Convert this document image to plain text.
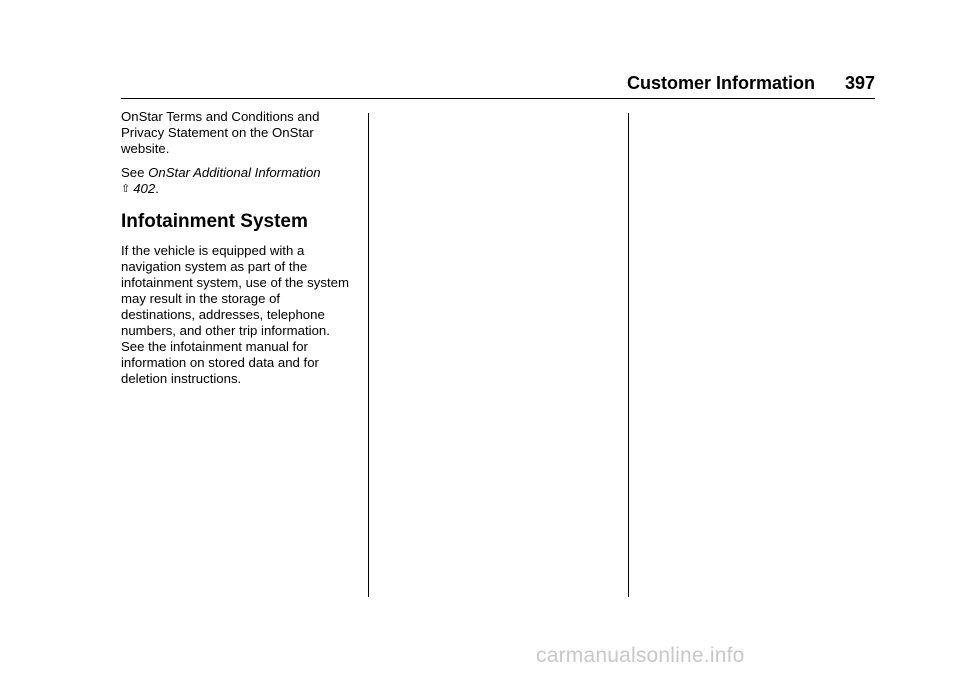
Customer Information 397

OnStar Terms and Conditions and Privacy Statement on the OnStar website.

See OnStar Additional Information
⇧ 402.

Infotainment System

If the vehicle is equipped with a navigation system as part of the infotainment system, use of the system may result in the storage of destinations, addresses, telephone numbers, and other trip information. See the infotainment manual for information on stored data and for deletion instructions.

carmanualsonline.info
